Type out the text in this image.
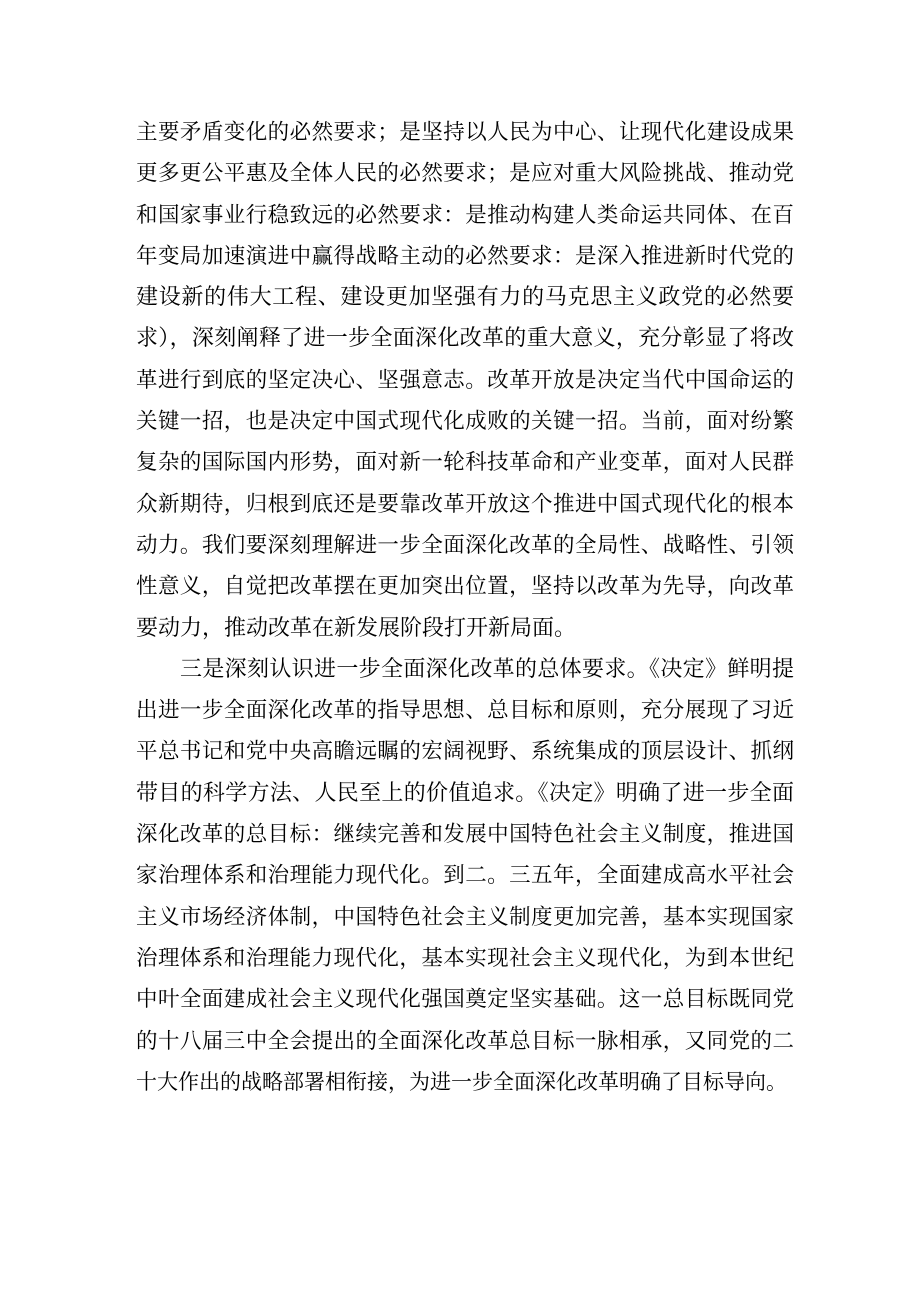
主要矛盾变化的必然要求；是坚持以人民为中心、让现代化建设成果
更多更公平惠及全体人民的必然要求；是应对重大风险挑战、推动党
和国家事业行稳致远的必然要求：是推动构建人类命运共同体、在百
年变局加速演进中赢得战略主动的必然要求：是深入推进新时代党的
建设新的伟大工程、建设更加坚强有力的马克思主义政党的必然要
求），深刻阐释了进一步全面深化改革的重大意义，充分彰显了将改
革进行到底的坚定决心、坚强意志。改革开放是决定当代中国命运的
关键一招，也是决定中国式现代化成败的关键一招。当前，面对纷繁
复杂的国际国内形势，面对新一轮科技革命和产业变革，面对人民群
众新期待，归根到底还是要靠改革开放这个推进中国式现代化的根本
动力。我们要深刻理解进一步全面深化改革的全局性、战略性、引领
性意义，自觉把改革摆在更加突出位置，坚持以改革为先导，向改革
要动力，推动改革在新发展阶段打开新局面。
三是深刻认识进一步全面深化改革的总体要求。《决定》鲜明提
出进一步全面深化改革的指导思想、总目标和原则，充分展现了习近
平总书记和党中央高瞻远瞩的宏阔视野、系统集成的顶层设计、抓纲
带目的科学方法、人民至上的价值追求。《决定》明确了进一步全面
深化改革的总目标：继续完善和发展中国特色社会主义制度，推进国
家治理体系和治理能力现代化。到二。三五年，全面建成高水平社会
主义市场经济体制，中国特色社会主义制度更加完善，基本实现国家
治理体系和治理能力现代化，基本实现社会主义现代化，为到本世纪
中叶全面建成社会主义现代化强国奠定坚实基础。这一总目标既同党
的十八届三中全会提出的全面深化改革总目标一脉相承，又同党的二
十大作出的战略部署相衔接，为进一步全面深化改革明确了目标导向。
